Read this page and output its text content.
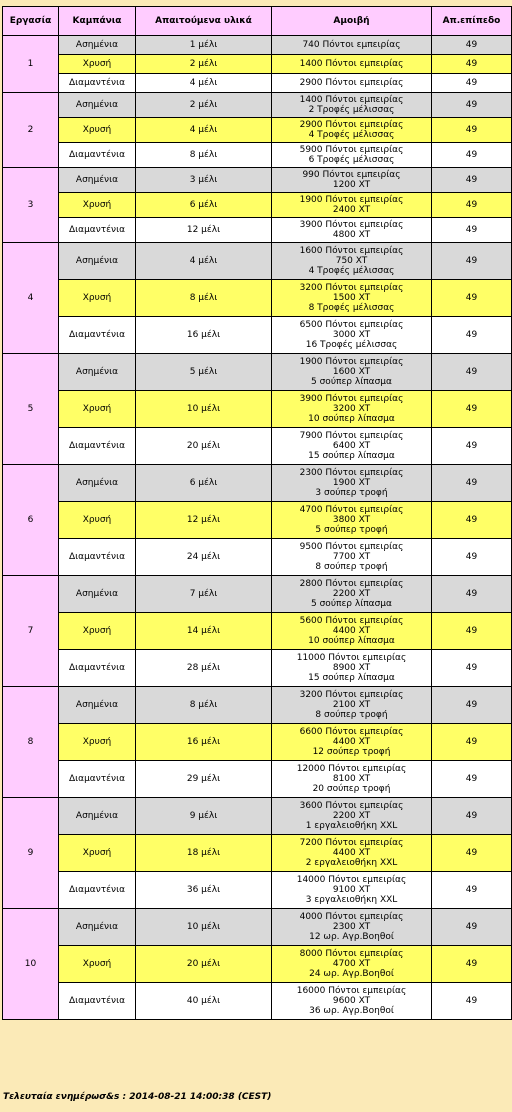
Εργασία	Καμπάνια	Απαιτούμενα υλικά	Αμοιβή	Απ.επίπεδο
1	Ασημένια	1 μέλι	740 Πόντοι εμπειρίας	49
	Χρυσή	2 μέλι	1400 Πόντοι εμπειρίας	49
	Διαμαντένια	4 μέλι	2900 Πόντοι εμπειρίας	49
2	Ασημένια	2 μέλι	1400 Πόντοι εμπειρίας
2 Τροφές μέλισσας	49
	Χρυσή	4 μέλι	2900 Πόντοι εμπειρίας
4 Τροφές μέλισσας	49
	Διαμαντένια	8 μέλι	5900 Πόντοι εμπειρίας
6 Τροφές μέλισσας	49
3	Ασημένια	3 μέλι	990 Πόντοι εμπειρίας
1200 XT	49
	Χρυσή	6 μέλι	1900 Πόντοι εμπειρίας
2400 XT	49
	Διαμαντένια	12 μέλι	3900 Πόντοι εμπειρίας
4800 XT	49
4	Ασημένια	4 μέλι	1600 Πόντοι εμπειρίας
750 XT
4 Τροφές μέλισσας	49
	Χρυσή	8 μέλι	3200 Πόντοι εμπειρίας
1500 XT
8 Τροφές μέλισσας	49
	Διαμαντένια	16 μέλι	6500 Πόντοι εμπειρίας
3000 XT
16 Τροφές μέλισσας	49
5	Ασημένια	5 μέλι	1900 Πόντοι εμπειρίας
1600 XT
5 σούπερ λίπασμα	49
	Χρυσή	10 μέλι	3900 Πόντοι εμπειρίας
3200 XT
10 σούπερ λίπασμα	49
	Διαμαντένια	20 μέλι	7900 Πόντοι εμπειρίας
6400 XT
15 σούπερ λίπασμα	49
6	Ασημένια	6 μέλι	2300 Πόντοι εμπειρίας
1900 XT
3 σούπερ τροφή	49
	Χρυσή	12 μέλι	4700 Πόντοι εμπειρίας
3800 XT
5 σούπερ τροφή	49
	Διαμαντένια	24 μέλι	9500 Πόντοι εμπειρίας
7700 XT
8 σούπερ τροφή	49
7	Ασημένια	7 μέλι	2800 Πόντοι εμπειρίας
2200 XT
5 σούπερ λίπασμα	49
	Χρυσή	14 μέλι	5600 Πόντοι εμπειρίας
4400 XT
10 σούπερ λίπασμα	49
	Διαμαντένια	28 μέλι	11000 Πόντοι εμπειρίας
8900 XT
15 σούπερ λίπασμα	49
8	Ασημένια	8 μέλι	3200 Πόντοι εμπειρίας
2100 XT
8 σούπερ τροφή	49
	Χρυσή	16 μέλι	6600 Πόντοι εμπειρίας
4400 XT
12 σούπερ τροφή	49
	Διαμαντένια	29 μέλι	12000 Πόντοι εμπειρίας
8100 XT
20 σούπερ τροφή	49
9	Ασημένια	9 μέλι	3600 Πόντοι εμπειρίας
2200 XT
1 εργαλειοθήκη XXL	49
	Χρυσή	18 μέλι	7200 Πόντοι εμπειρίας
4400 XT
2 εργαλειοθήκη XXL	49
	Διαμαντένια	36 μέλι	14000 Πόντοι εμπειρίας
9100 XT
3 εργαλειοθήκη XXL	49
10	Ασημένια	10 μέλι	4000 Πόντοι εμπειρίας
2300 XT
12 ωρ. Αγρ.Βοηθοί	49
	Χρυσή	20 μέλι	8000 Πόντοι εμπειρίας
4700 XT
24 ωρ. Αγρ.Βοηθοί	49
	Διαμαντένια	40 μέλι	16000 Πόντοι εμπειρίας
9600 XT
36 ωρ. Αγρ.Βοηθοί	49
Τελευταία ενημέρωσ&s : 2014-08-21 14:00:38 (CEST)
